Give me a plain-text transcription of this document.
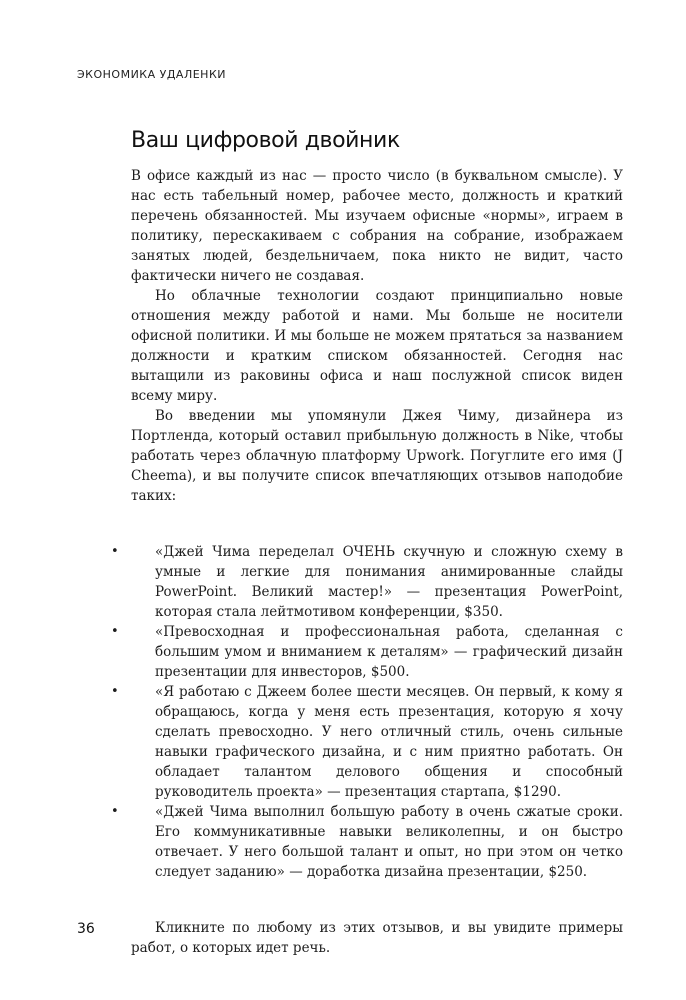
ЭКОНОМИКА УДАЛЕНКИ
Ваш цифровой двойник

В офисе каждый из нас — просто число (в буквальном смысле). У нас есть табельный номер, рабочее место, должность и краткий перечень обязанностей. Мы изучаем офисные «нормы», играем в политику, перескакиваем с собрания на собрание, изображаем занятых людей, бездельничаем, пока никто не видит, часто фактически ничего не создавая.

Но облачные технологии создают принципиально новые отношения между работой и нами. Мы больше не носители офисной политики. И мы больше не можем прятаться за названием должности и кратким списком обязанностей. Сегодня нас вытащили из раковины офиса и наш послужной список виден всему миру.

Во введении мы упомянули Джея Чиму, дизайнера из Портленда, который оставил прибыльную должность в Nike, чтобы работать через облачную платформу Upwork. Погуглите его имя (J Cheema), и вы получите список впечатляющих отзывов наподобие таких:

•	«Джей Чима переделал ОЧЕНЬ скучную и сложную схему в умные и легкие для понимания анимированные слайды PowerPoint. Великий мастер!» — презентация PowerPoint, которая стала лейтмотивом конференции, $350.
•	«Превосходная и профессиональная работа, сделанная с большим умом и вниманием к деталям» — графический дизайн презентации для инвесторов, $500.
•	«Я работаю с Джеем более шести месяцев. Он первый, к кому я обращаюсь, когда у меня есть презентация, которую я хочу сделать превосходно. У него отличный стиль, очень сильные навыки графического дизайна, и с ним приятно работать. Он обладает талантом делового общения и способный руководитель проекта» — презентация стартапа, $1290.
•	«Джей Чима выполнил большую работу в очень сжатые сроки. Его коммуникативные навыки великолепны, и он быстро отвечает. У него большой талант и опыт, но при этом он четко следует заданию» — доработка дизайна презентации, $250.

Кликните по любому из этих отзывов, и вы увидите примеры работ, о которых идет речь.

36
